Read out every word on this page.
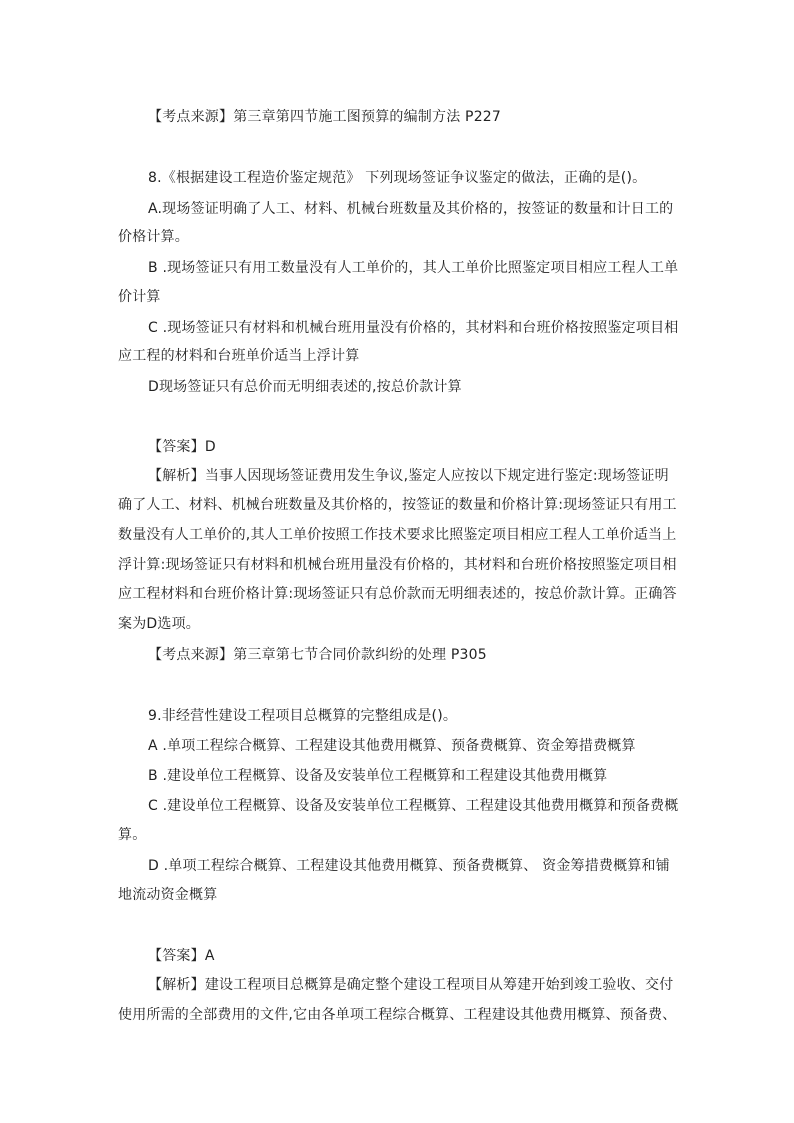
【考点来源】第三章第四节施工图预算的编制方法 P227
8.《根据建设工程造价鉴定规范》 下列现场签证争议鉴定的做法，正确的是()。
A.现场签证明确了人工、材料、机械台班数量及其价格的，按签证的数量和计日工的
价格计算。
B .现场签证只有用工数量没有人工单价的，其人工单价比照鉴定项目相应工程人工单
价计算
C .现场签证只有材料和机械台班用量没有价格的，其材料和台班价格按照鉴定项目相
应工程的材料和台班单价适当上浮计算
D现场签证只有总价而无明细表述的,按总价款计算
【答案】D
【解析】当事人因现场签证费用发生争议,鉴定人应按以下规定进行鉴定:现场签证明
确了人工、材料、机械台班数量及其价格的，按签证的数量和价格计算:现场签证只有用工
数量没有人工单价的,其人工单价按照工作技术要求比照鉴定项目相应工程人工单价适当上
浮计算:现场签证只有材料和机械台班用量没有价格的，其材料和台班价格按照鉴定项目相
应工程材料和台班价格计算:现场签证只有总价款而无明细表述的，按总价款计算。正确答
案为D选项。
【考点来源】第三章第七节合同价款纠纷的处理 P305
9.非经营性建设工程项目总概算的完整组成是()。
A .单项工程综合概算、工程建设其他费用概算、预备费概算、资金筹措费概算
B .建设单位工程概算、设备及安装单位工程概算和工程建设其他费用概算
C .建设单位工程概算、设备及安装单位工程概算、工程建设其他费用概算和预备费概
算。
D .单项工程综合概算、工程建设其他费用概算、预备费概算、 资金筹措费概算和铺
地流动资金概算
【答案】A
【解析】建设工程项目总概算是确定整个建设工程项目从筹建开始到竣工验收、交付
使用所需的全部费用的文件,它由各单项工程综合概算、工程建设其他费用概算、预备费、
